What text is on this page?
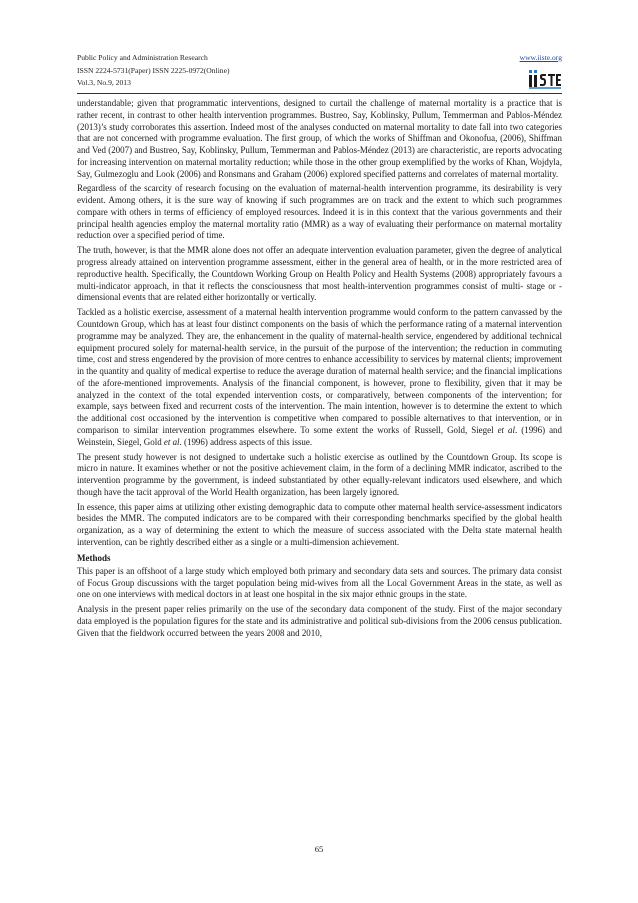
Public Policy and Administration Research
ISSN 2224-5731(Paper) ISSN 2225-0972(Online)
Vol.3, No.9, 2013
www.iiste.org

understandable; given that programmatic interventions, designed to curtail the challenge of maternal mortality is a practice that is rather recent, in contrast to other health intervention programmes. Bustreo, Say, Koblinsky, Pullum, Temmerman and Pablos-Méndez (2013)’s study corroborates this assertion. Indeed most of the analyses conducted on maternal mortality to date fall into two categories that are not concerned with programme evaluation. The first group, of which the works of Shiffman and Okonofua, (2006), Shiffman and Ved (2007) and Bustreo, Say, Koblinsky, Pullum, Temmerman and Pablos-Méndez (2013) are characteristic, are reports advocating for increasing intervention on maternal mortality reduction; while those in the other group exemplified by the works of Khan, Wojdyla, Say, Gulmezoglu and Look (2006) and Ronsmans and Graham (2006) explored specified patterns and correlates of maternal mortality.

Regardless of the scarcity of research focusing on the evaluation of maternal-health intervention programme, its desirability is very evident. Among others, it is the sure way of knowing if such programmes are on track and the extent to which such programmes compare with others in terms of efficiency of employed resources. Indeed it is in this context that the various governments and their principal health agencies employ the maternal mortality ratio (MMR) as a way of evaluating their performance on maternal mortality reduction over a specified period of time.

The truth, however, is that the MMR alone does not offer an adequate intervention evaluation parameter, given the degree of analytical progress already attained on intervention programme assessment, either in the general area of health, or in the more restricted area of reproductive health. Specifically, the Countdown Working Group on Health Policy and Health Systems (2008) appropriately favours a multi-indicator approach, in that it reflects the consciousness that most health-intervention programmes consist of multi- stage or -dimensional events that are related either horizontally or vertically.

Tackled as a holistic exercise, assessment of a maternal health intervention programme would conform to the pattern canvassed by the Countdown Group, which has at least four distinct components on the basis of which the performance rating of a maternal intervention programme may be analyzed. They are, the enhancement in the quality of maternal-health service, engendered by additional technical equipment procured solely for maternal-health service, in the pursuit of the purpose of the intervention; the reduction in commuting time, cost and stress engendered by the provision of more centres to enhance accessibility to services by maternal clients; improvement in the quantity and quality of medical expertise to reduce the average duration of maternal health service; and the financial implications of the afore-mentioned improvements. Analysis of the financial component, is however, prone to flexibility, given that it may be analyzed in the context of the total expended intervention costs, or comparatively, between components of the intervention; for example, says between fixed and recurrent costs of the intervention. The main intention, however is to determine the extent to which the additional cost occasioned by the intervention is competitive when compared to possible alternatives to that intervention, or in comparison to similar intervention programmes elsewhere. To some extent the works of Russell, Gold, Siegel et al. (1996) and Weinstein, Siegel, Gold et al. (1996) address aspects of this issue.

The present study however is not designed to undertake such a holistic exercise as outlined by the Countdown Group. Its scope is micro in nature. It examines whether or not the positive achievement claim, in the form of a declining MMR indicator, ascribed to the intervention programme by the government, is indeed substantiated by other equally-relevant indicators used elsewhere, and which though have the tacit approval of the World Health organization, has been largely ignored.

In essence, this paper aims at utilizing other existing demographic data to compute other maternal health service-assessment indicators besides the MMR. The computed indicators are to be compared with their corresponding benchmarks specified by the global health organization, as a way of determining the extent to which the measure of success associated with the Delta state maternal health intervention, can be rightly described either as a single or a multi-dimension achievement.

Methods

This paper is an offshoot of a large study which employed both primary and secondary data sets and sources. The primary data consist of Focus Group discussions with the target population being mid-wives from all the Local Government Areas in the state, as well as one on one interviews with medical doctors in at least one hospital in the six major ethnic groups in the state.

Analysis in the present paper relies primarily on the use of the secondary data component of the study. First of the major secondary data employed is the population figures for the state and its administrative and political sub-divisions from the 2006 census publication. Given that the fieldwork occurred between the years 2008 and 2010,

65
